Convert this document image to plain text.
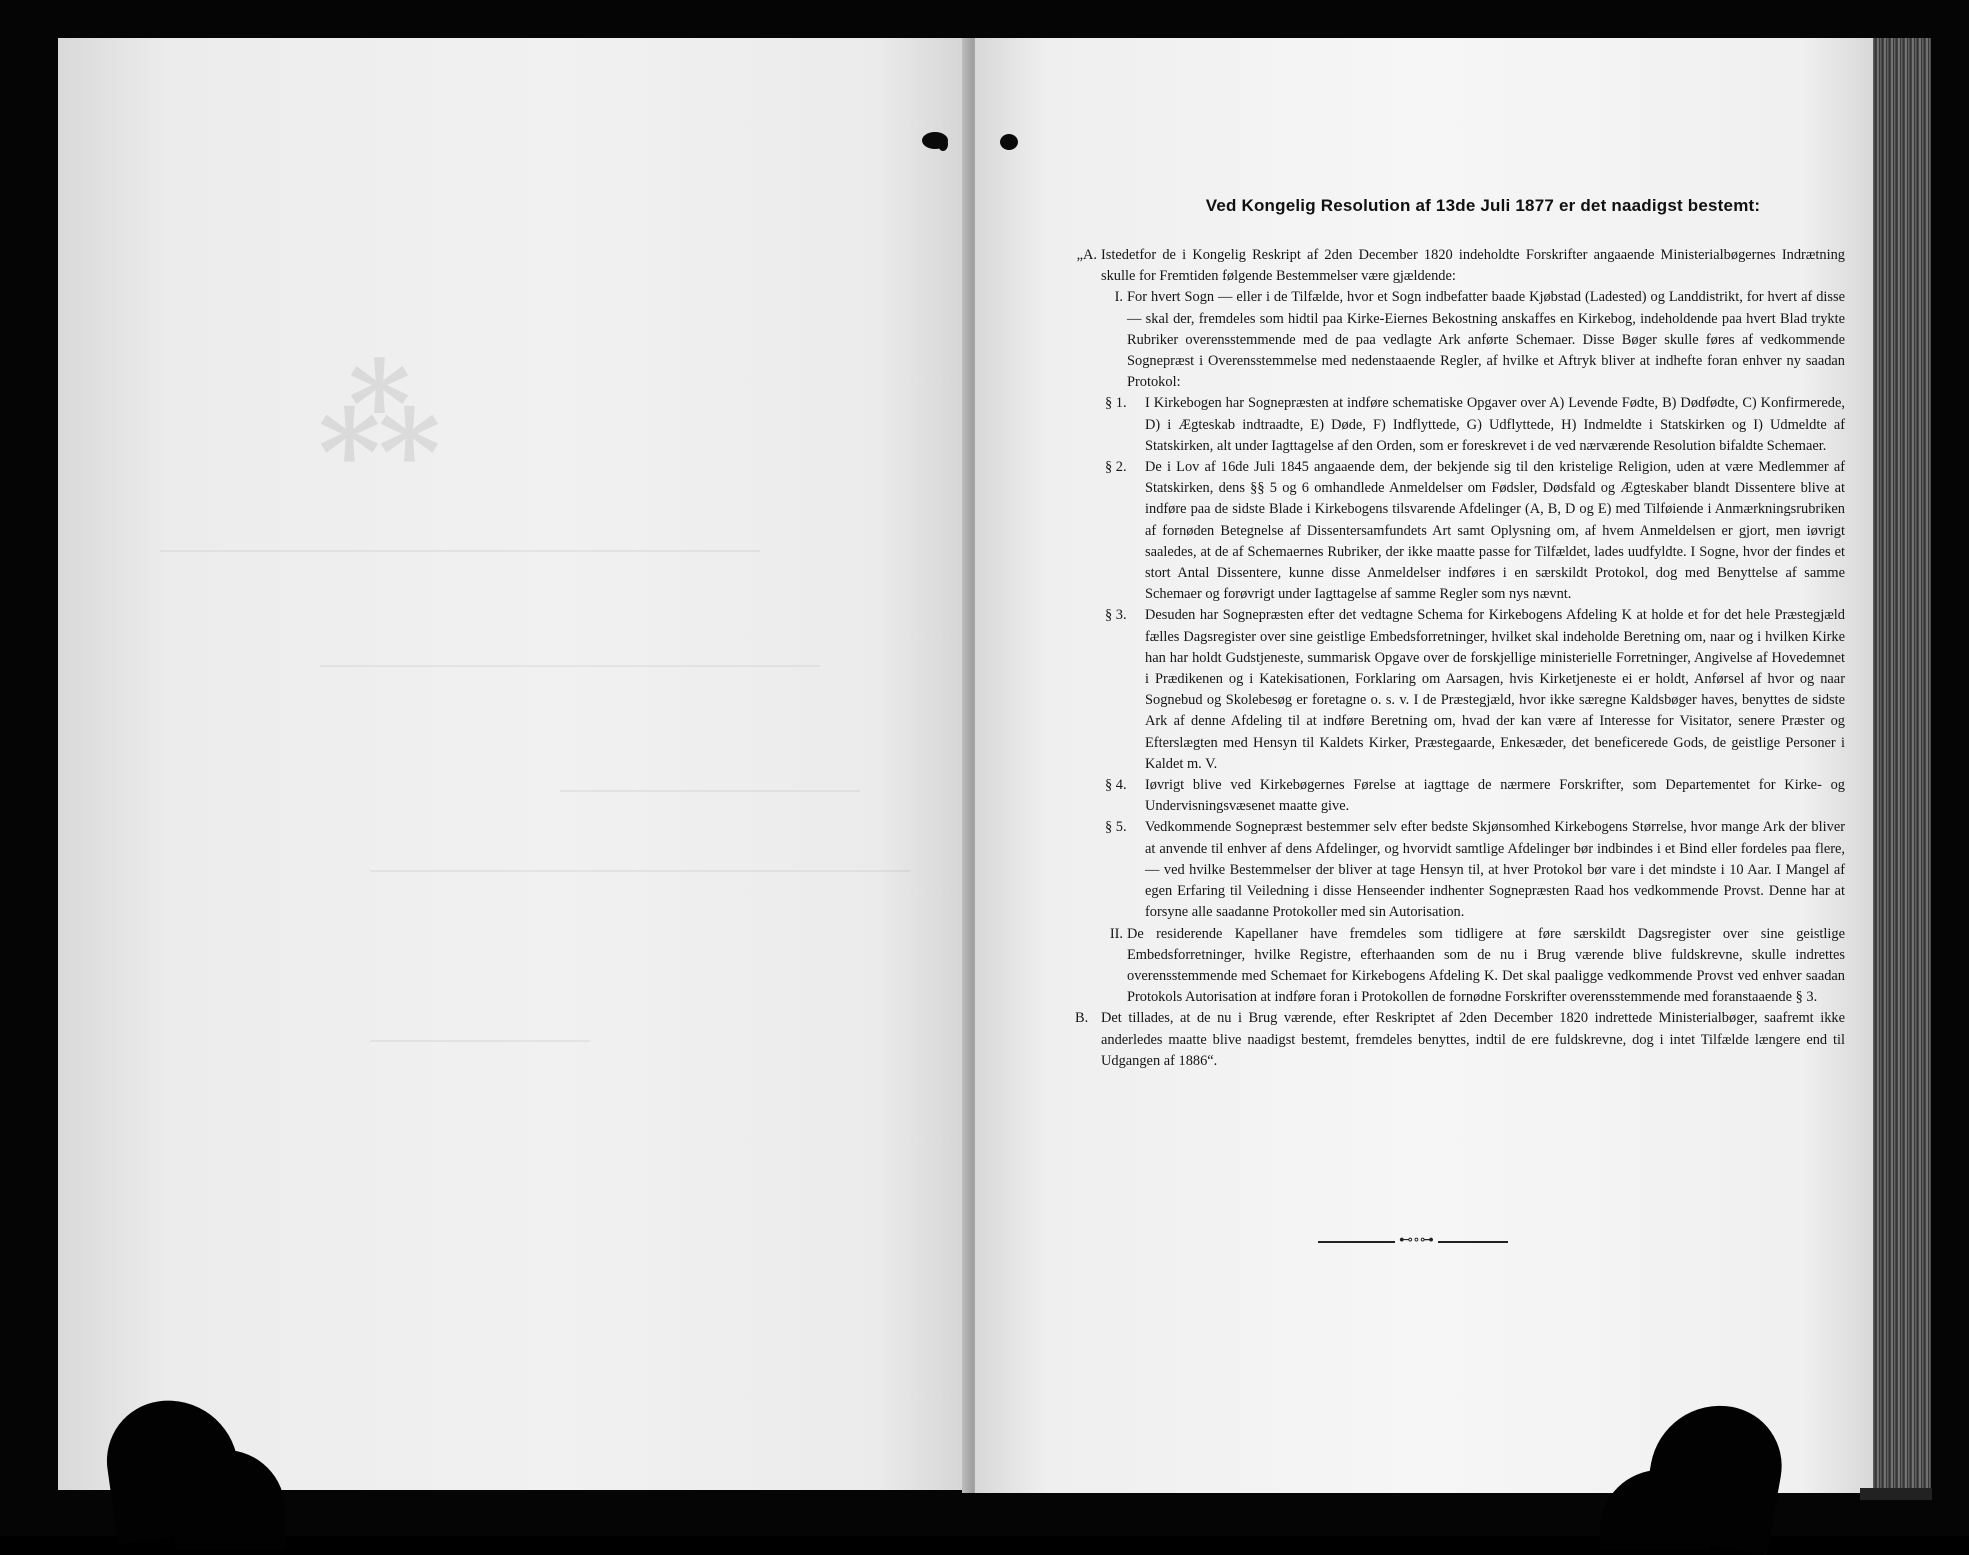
⁂
Ved Kongelig Resolution af 13de Juli 1877 er det naadigst bestemt:

„A. Istedetfor de i Kongelig Reskript af 2den December 1820 indeholdte Forskrifter angaaende Ministerialbøgernes Indrætning skulle for Fremtiden følgende Bestemmelser være gjældende:

I. For hvert Sogn — eller i de Tilfælde, hvor et Sogn indbefatter baade Kjøbstad (Ladested) og Landdistrikt, for hvert af disse — skal der, fremdeles som hidtil paa Kirke-Eiernes Bekostning anskaffes en Kirkebog, indeholdende paa hvert Blad trykte Rubriker overensstemmende med de paa vedlagte Ark anførte Schemaer. Disse Bøger skulle føres af vedkommende Sognepræst i Overensstemmelse med nedenstaaende Regler, af hvilke et Aftryk bliver at indhefte foran enhver ny saadan Protokol:

§ 1.	I Kirkebogen har Sognepræsten at indføre schematiske Opgaver over A) Levende Fødte, B) Dødfødte, C) Konfirmerede, D) i Ægteskab indtraadte, E) Døde, F) Indflyttede, G) Udflyttede, H) Indmeldte i Statskirken og I) Udmeldte af Statskirken, alt under Iagttagelse af den Orden, som er foreskrevet i de ved nærværende Resolution bifaldte Schemaer.

§ 2.	De i Lov af 16de Juli 1845 angaaende dem, der bekjende sig til den kristelige Religion, uden at være Medlemmer af Statskirken, dens §§ 5 og 6 omhandlede Anmeldelser om Fødsler, Dødsfald og Ægteskaber blandt Dissentere blive at indføre paa de sidste Blade i Kirkebogens tilsvarende Afdelinger (A, B, D og E) med Tilføiende i Anmærkningsrubriken af fornøden Betegnelse af Dissentersamfundets Art samt Oplysning om, af hvem Anmeldelsen er gjort, men iøvrigt saaledes, at de af Schemaernes Rubriker, der ikke maatte passe for Tilfældet, lades uudfyldte. I Sogne, hvor der findes et stort Antal Dissentere, kunne disse Anmeldelser indføres i en særskildt Protokol, dog med Benyttelse af samme Schemaer og forøvrigt under Iagttagelse af samme Regler som nys nævnt.

§ 3.	Desuden har Sognepræsten efter det vedtagne Schema for Kirkebogens Afdeling K at holde et for det hele Præstegjæld fælles Dagsregister over sine geistlige Embedsforretninger, hvilket skal indeholde Beretning om, naar og i hvilken Kirke han har holdt Gudstjeneste, summarisk Opgave over de forskjellige ministerielle Forretninger, Angivelse af Hovedemnet i Prædikenen og i Katekisationen, Forklaring om Aarsagen, hvis Kirketjeneste ei er holdt, Anførsel af hvor og naar Sognebud og Skolebesøg er foretagne o. s. v. I de Præstegjæld, hvor ikke særegne Kaldsbøger haves, benyttes de sidste Ark af denne Afdeling til at indføre Beretning om, hvad der kan være af Interesse for Visitator, senere Præster og Efterslægten med Hensyn til Kaldets Kirker, Præstegaarde, Enkesæder, det beneficerede Gods, de geistlige Personer i Kaldet m. V.

§ 4.	Iøvrigt blive ved Kirkebøgernes Førelse at iagttage de nærmere Forskrifter, som Departementet for Kirke- og Undervisningsvæsenet maatte give.

§ 5.	Vedkommende Sognepræst bestemmer selv efter bedste Skjønsomhed Kirkebogens Størrelse, hvor mange Ark der bliver at anvende til enhver af dens Afdelinger, og hvorvidt samtlige Afdelinger bør indbindes i et Bind eller fordeles paa flere, — ved hvilke Bestemmelser der bliver at tage Hensyn til, at hver Protokol bør vare i det mindste i 10 Aar. I Mangel af egen Erfaring til Veiledning i disse Henseender indhenter Sognepræsten Raad hos vedkommende Provst. Denne har at forsyne alle saadanne Protokoller med sin Autorisation.

II. De residerende Kapellaner have fremdeles som tidligere at føre særskildt Dagsregister over sine geistlige Embedsforretninger, hvilke Registre, efterhaanden som de nu i Brug værende blive fuldskrevne, skulle indrettes overensstemmende med Schemaet for Kirkebogens Afdeling K. Det skal paaligge vedkommende Provst ved enhver saadan Protokols Autorisation at indføre foran i Protokollen de fornødne Forskrifter overensstemmende med foranstaaende § 3.

B. Det tillades, at de nu i Brug værende, efter Reskriptet af 2den December 1820 indrettede Ministerialbøger, saafremt ikke anderledes maatte blive naadigst bestemt, fremdeles benyttes, indtil de ere fuldskrevne, dog i intet Tilfælde længere end til Udgangen af 1886“.

⊷∘⊶
